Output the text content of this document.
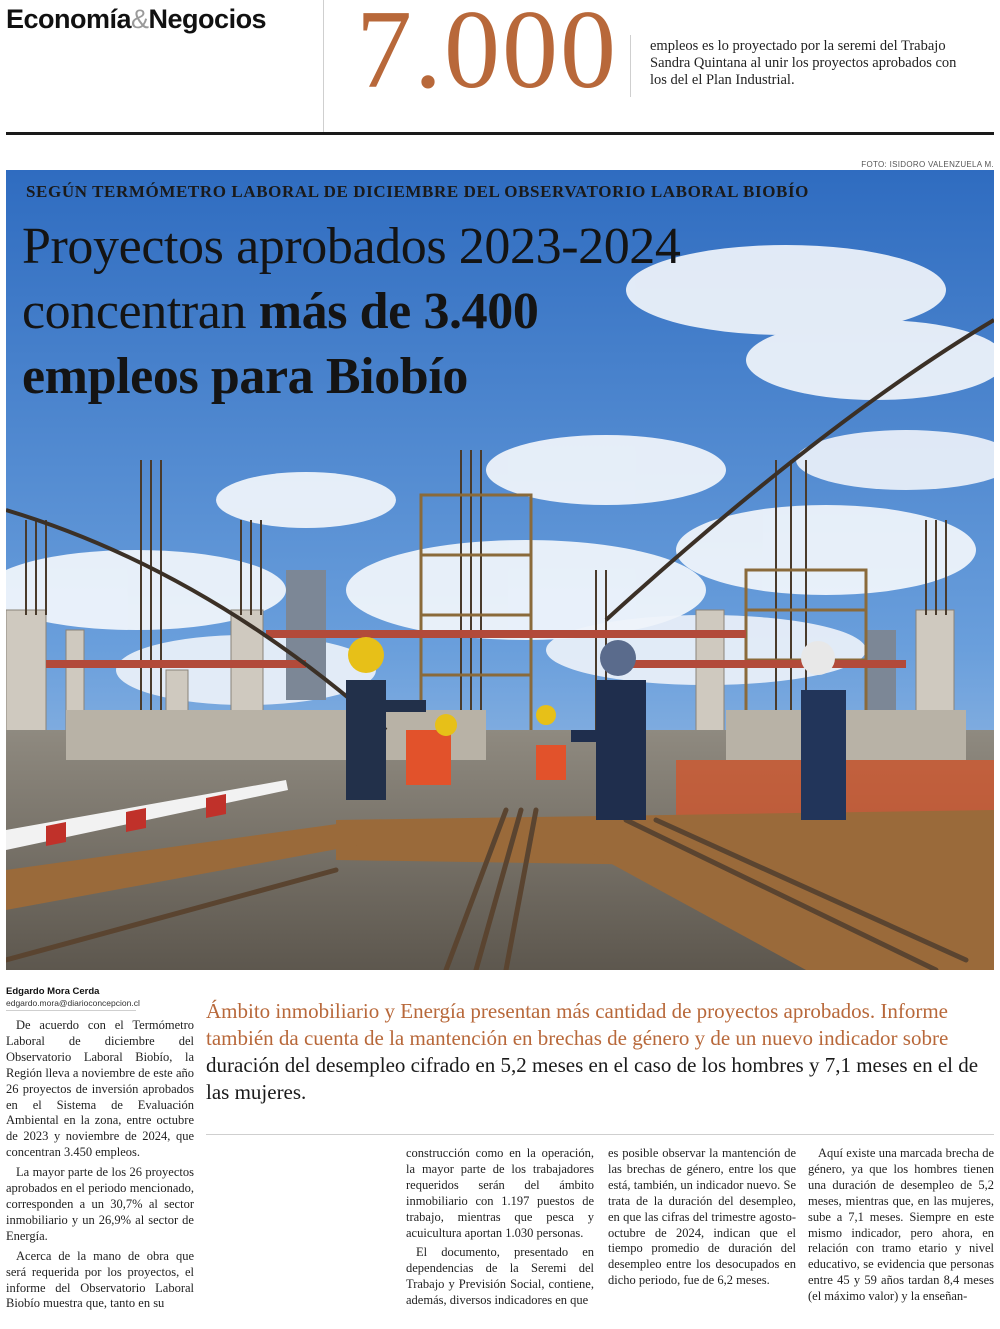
Economía&Negocios 7.000 empleos es lo proyectado por la seremi del Trabajo Sandra Quintana al unir los proyectos aprobados con los del el Plan Industrial.
FOTO: ISIDORO VALENZUELA M.
SEGÚN TERMÓMETRO LABORAL DE DICIEMBRE DEL OBSERVATORIO LABORAL BIOBÍO
Proyectos aprobados 2023-2024
concentran más de 3.400
empleos para Biobío
Edgardo Mora Cerda
edgardo.mora@diarioconcepcion.cl	Ámbito inmobiliario y Energía presentan más cantidad de proyectos aprobados. Informe también da cuenta de la mantención en brechas de género y de un nuevo indicador sobre duración del desempleo cifrado en 5,2 meses en el caso de los hombres y 7,1 meses en el de las mujeres.

De acuerdo con el Termómetro Laboral de diciembre del Observatorio Laboral Biobío, la Región lleva a noviembre de este año 26 proyectos de inversión aprobados en el Sistema de Evaluación Ambiental en la zona, entre octubre de 2023 y noviembre de 2024, que concentran 3.450 empleos.

La mayor parte de los 26 proyectos aprobados en el periodo mencionado, corresponden a un 30,7% al sector inmobiliario y un 26,9% al sector de Energía.

Acerca de la mano de obra que será requerida por los proyectos, el informe del Observatorio Laboral Biobío muestra que, tanto en su

construcción como en la operación, la mayor parte de los trabajadores requeridos serán del ámbito inmobiliario con 1.197 puestos de trabajo, mientras que pesca y acuicultura aportan 1.030 personas.

El documento, presentado en dependencias de la Seremi del Trabajo y Previsión Social, contiene, además, diversos indicadores en que

es posible observar la mantención de las brechas de género, entre los que está, también, un indicador nuevo. Se trata de la duración del desempleo, en que las cifras del trimestre agosto-octubre de 2024, indican que el tiempo promedio de duración del desempleo entre los desocupados en dicho periodo, fue de 6,2 meses.

Aquí existe una marcada brecha de género, ya que los hombres tienen una duración de desempleo de 5,2 meses, mientras que, en las mujeres, sube a 7,1 meses. Siempre en este mismo indicador, pero ahora, en relación con tramo etario y nivel educativo, se evidencia que personas entre 45 y 59 años tardan 8,4 meses (el máximo valor) y la enseñan-
